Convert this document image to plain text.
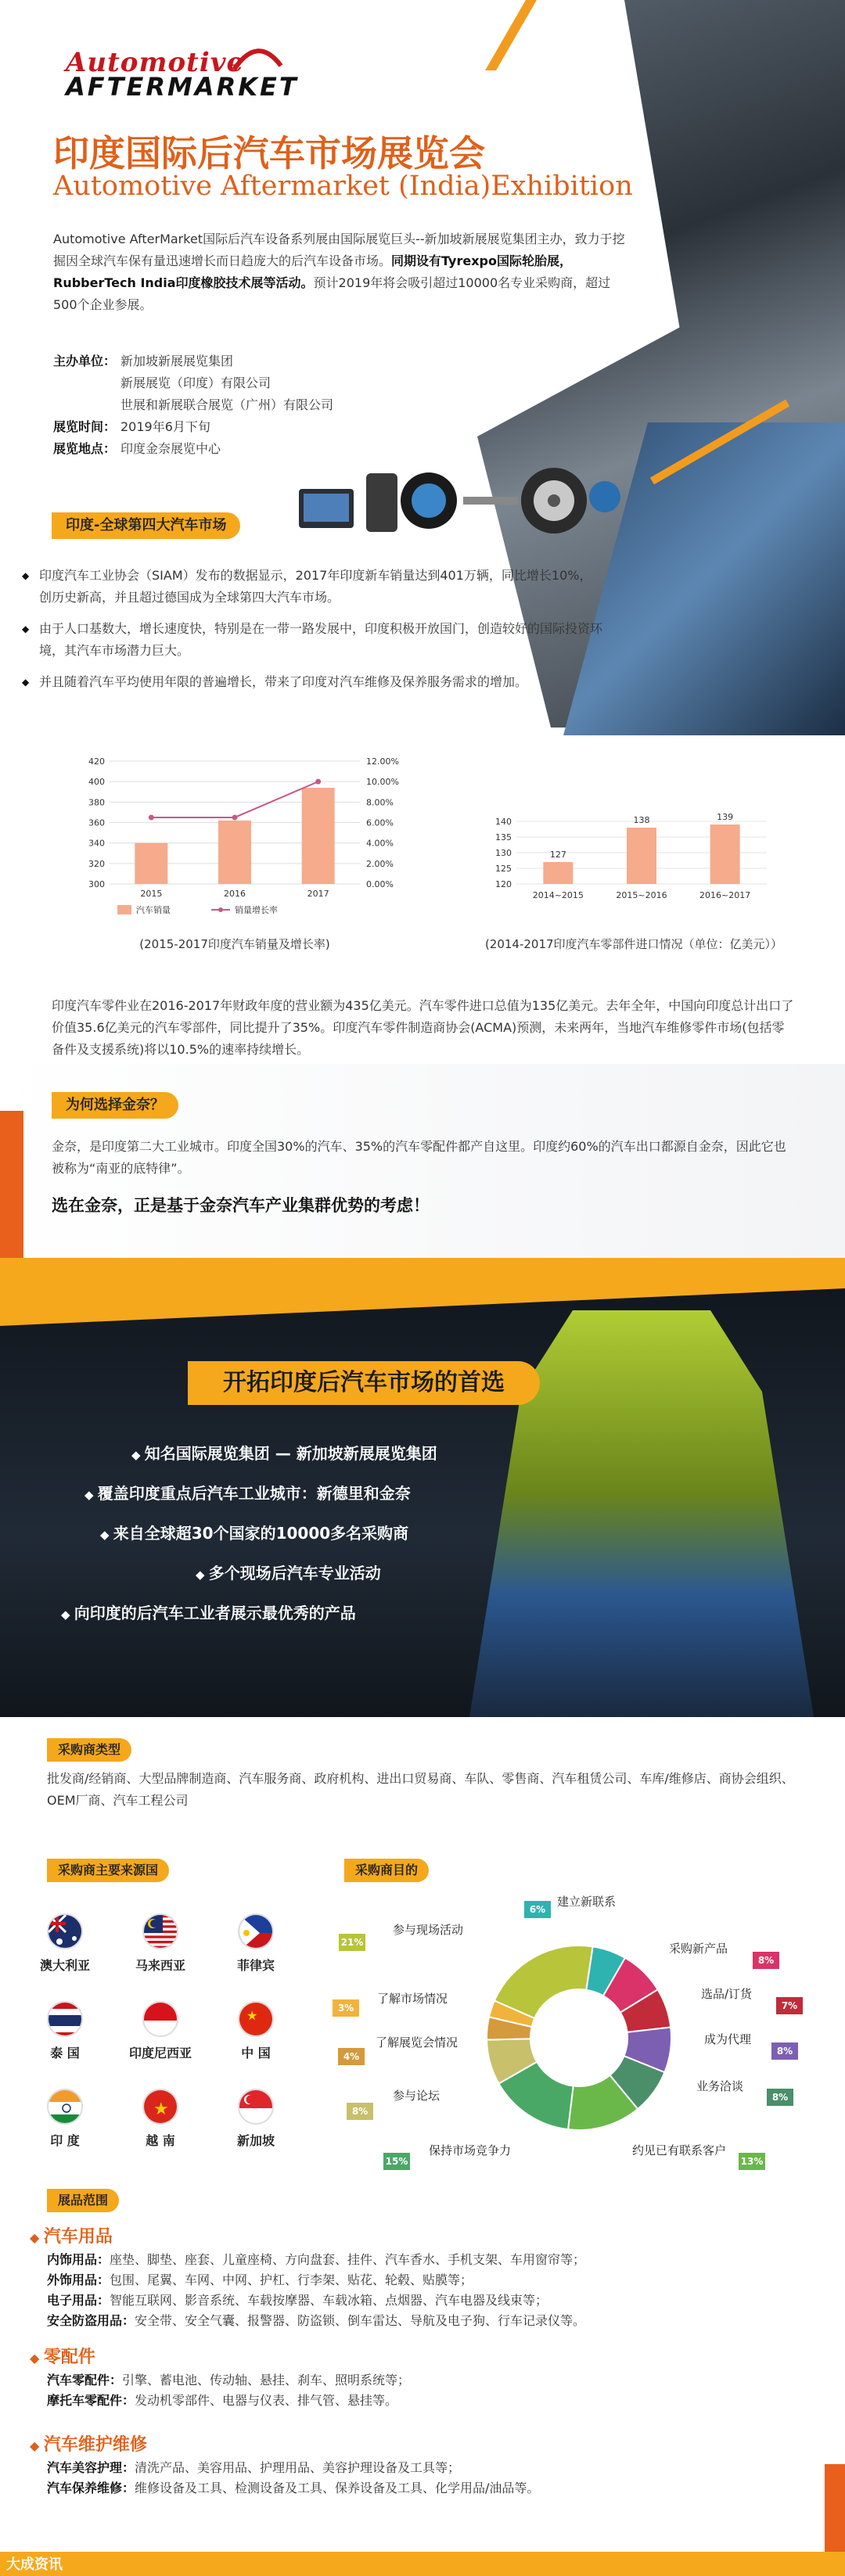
Automotive
AFTERMARKET
印度国际后汽车市场展览会
Automotive Aftermarket (India)Exhibition

Automotive AfterMarket国际后汽车设备系列展由国际展览巨头--新加坡新展展览集团主办，致力于挖掘因全球汽车保有量迅速增长而日趋庞大的后汽车设备市场。同期设有Tyrexpo国际轮胎展，RubberTech India印度橡胶技术展等活动。预计2019年将会吸引超过10000名专业采购商，超过500个企业参展。

主办单位： 新加坡新展展览集团
新展展览（印度）有限公司
世展和新展联合展览（广州）有限公司
展览时间： 2019年6月下旬
展览地点： 印度金奈展览中心
印度-全球第四大汽车市场
◆ 印度汽车工业协会（SIAM）发布的数据显示，2017年印度新车销量达到401万辆，同比增长10%，创历史新高，并且超过德国成为全球第四大汽车市场。
◆ 由于人口基数大，增长速度快，特别是在一带一路发展中，印度积极开放国门，创造较好的国际投资环境，其汽车市场潜力巨大。
◆ 并且随着汽车平均使用年限的普遍增长，带来了印度对汽车维修及保养服务需求的增加。
420
400
380
360
340
320
300
12.00%
10.00%
8.00%
6.00%
4.00%
2.00%
0.00%
2015	2016	2017
汽车销量	销量增长率
(2015-2017印度汽车销量及增长率)
140
135
130
125
120
127
2014~2015
138
2015~2016
139
2016~2017
(2014-2017印度汽车零部件进口情况（单位：亿美元））
印度汽车零件业在2016-2017年财政年度的营业额为435亿美元。汽车零件进口总值为135亿美元。去年全年，中国向印度总计出口了价值35.6亿美元的汽车零部件，同比提升了35%。印度汽车零件制造商协会(ACMA)预测，未来两年，当地汽车维修零件市场(包括零备件及支援系统)将以10.5%的速率持续增长。
为何选择金奈？
金奈，是印度第二大工业城市。印度全国30%的汽车、35%的汽车零配件都产自这里。印度约60%的汽车出口都源自金奈，因此它也被称为“南亚的底特律”。
选在金奈，正是基于金奈汽车产业集群优势的考虑！
开拓印度后汽车市场的首选
◆ 知名国际展览集团 — 新加坡新展展览集团
◆ 覆盖印度重点后汽车工业城市：新德里和金奈
◆ 来自全球超30个国家的10000多名采购商
◆ 多个现场后汽车专业活动
◆ 向印度的后汽车工业者展示最优秀的产品
采购商类型
批发商/经销商、大型品牌制造商、汽车服务商、政府机构、进出口贸易商、车队、零售商、汽车租赁公司、车库/维修店、商协会组织、OEM厂商、汽车工程公司
采购商主要来源国	采购商目的
★
★
澳大利亚	马来西亚	菲律宾
泰 国	印度尼西亚	中 国
印 度	越 南	新加坡
建立新联系
6%
采购新产品
8%
选品/订货
7%
成为代理
8%
业务洽谈
8%
约见已有联系客户
13%
保持市场竞争力
15%
参与论坛
8%
了解展览会情况
4%
了解市场情况
3%
参与现场活动
21%
展品范围
◆ 汽车用品
内饰用品：座垫、脚垫、座套、儿童座椅、方向盘套、挂件、汽车香水、手机支架、车用窗帘等；
外饰用品：包围、尾翼、车网、中网、护杠、行李架、贴花、轮毂、贴膜等；
电子用品：智能互联网、影音系统、车载按摩器、车载冰箱、点烟器、汽车电器及线束等；
安全防盗用品：安全带、安全气囊、报警器、防盗锁、倒车雷达、导航及电子狗、行车记录仪等。
◆ 零配件
汽车零配件：引擎、蓄电池、传动轴、悬挂、刹车、照明系统等；
摩托车零配件：发动机零部件、电器与仪表、排气管、悬挂等。
◆ 汽车维护维修
汽车美容护理：清洗产品、美容用品、护理用品、美容护理设备及工具等；
汽车保养维修：维修设备及工具、检测设备及工具、保养设备及工具、化学用品/油品等。
大成资讯
